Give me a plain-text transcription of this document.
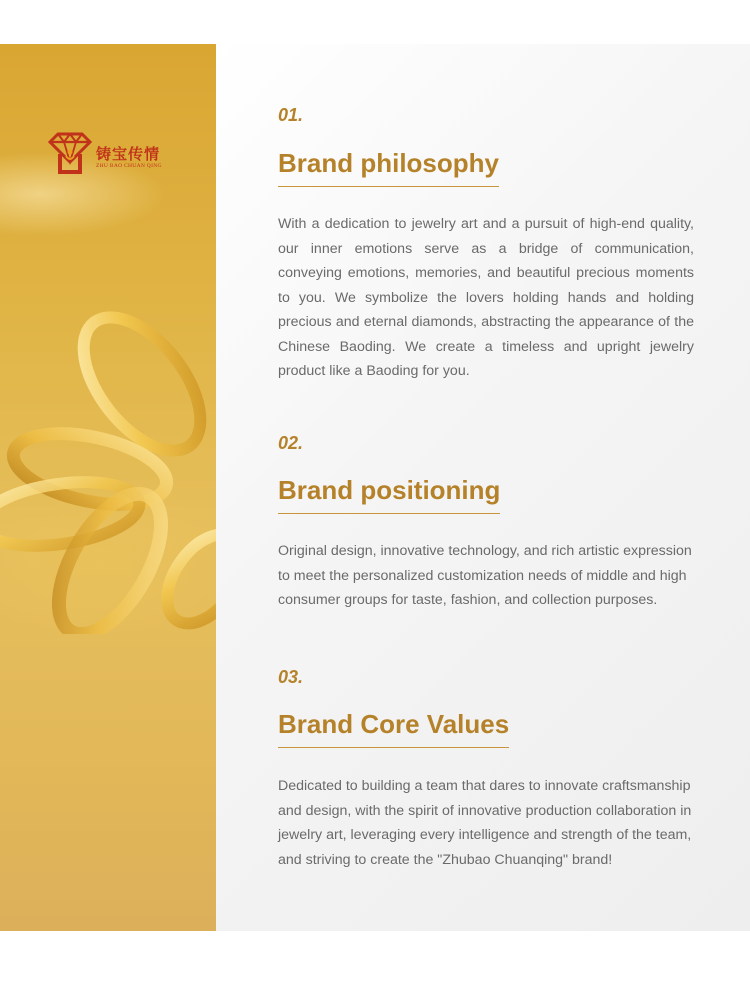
铸宝传情
ZHU BAO CHUAN QING

01.

Brand philosophy

With a dedication to jewelry art and a pursuit of high-end quality, our inner emotions serve as a bridge of communication, conveying emotions, memories, and beautiful precious moments to you. We symbolize the lovers holding hands and holding precious and eternal diamonds, abstracting the appearance of the Chinese Baoding. We create a timeless and upright jewelry product like a Baoding for you.

02.

Brand positioning

Original design, innovative technology, and rich artistic expression to meet the personalized customization needs of middle and high consumer groups for taste, fashion, and collection purposes.

03.

Brand Core Values

Dedicated to building a team that dares to innovate craftsmanship and design, with the spirit of innovative production collaboration in jewelry art, leveraging every intelligence and strength of the team, and striving to create the "Zhubao Chuanqing" brand!
